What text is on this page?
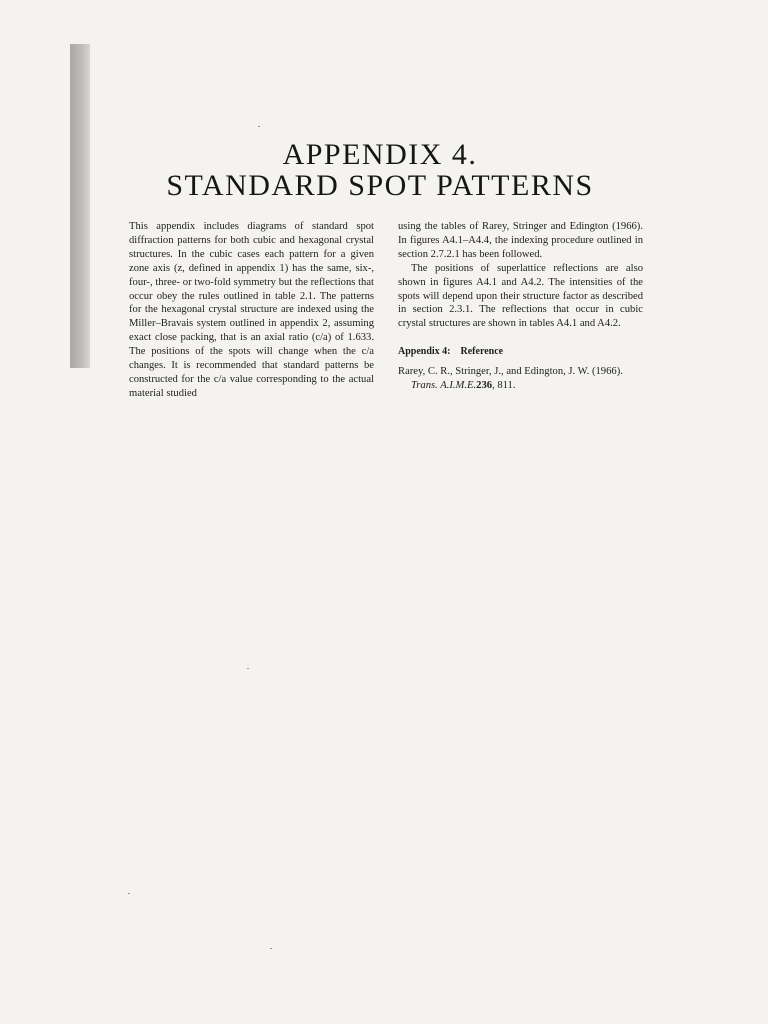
APPENDIX 4.
STANDARD SPOT PATTERNS

This appendix includes diagrams of standard spot diffraction patterns for both cubic and hexagonal crystal structures. In the cubic cases each pattern for a given zone axis (z, defined in appendix 1) has the same, six-, four-, three- or two-fold symmetry but the reflections that occur obey the rules outlined in table 2.1. The patterns for the hexagonal crystal structure are indexed using the Miller–Bravais system outlined in appendix 2, assuming exact close packing, that is an axial ratio (c/a) of 1.633. The positions of the spots will change when the c/a changes. It is recommended that standard patterns be constructed for the c/a value corresponding to the actual material studied

using the tables of Rarey, Stringer and Edington (1966). In figures A4.1–A4.4, the indexing procedure outlined in section 2.7.2.1 has been followed.

The positions of superlattice reflections are also shown in figures A4.1 and A4.2. The intensities of the spots will depend upon their structure factor as described in section 2.3.1. The reflections that occur in cubic crystal structures are shown in tables A4.1 and A4.2.

Appendix 4: Reference

Rarey, C. R., Stringer, J., and Edington, J. W. (1966). Trans. A.I.M.E.236, 811.
